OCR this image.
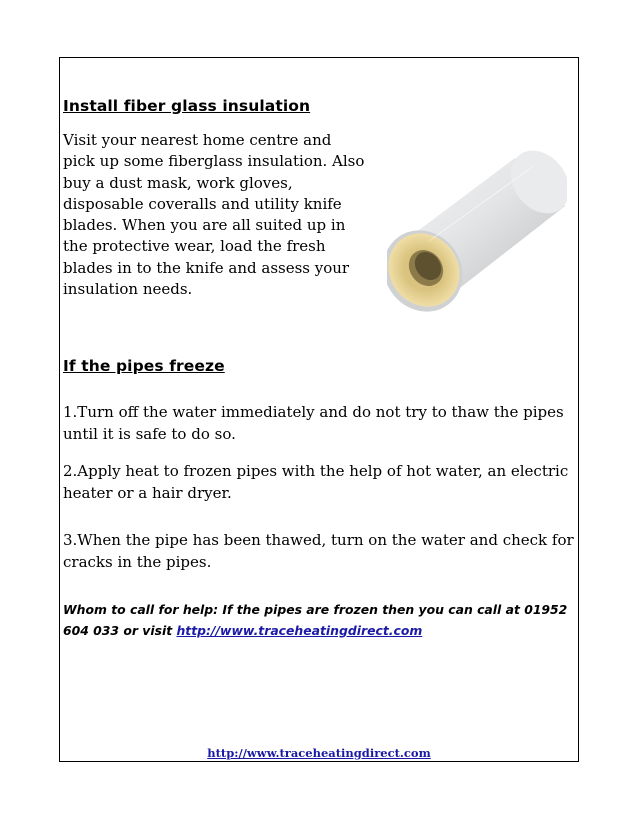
Install fiber glass insulation
Visit your nearest home centre and
pick up some fiberglass insulation. Also
buy a dust mask, work gloves,
disposable coveralls and utility knife
blades. When you are all suited up in
the protective wear, load the fresh
blades in to the knife and assess your
insulation needs.
If the pipes freeze
1.Turn off the water immediately and do not try to thaw the pipes
until it is safe to do so.
2.Apply heat to frozen pipes with the help of hot water, an electric
heater or a hair dryer.
3.When the pipe has been thawed, turn on the water and check for
cracks in the pipes.
Whom to call for help: If the pipes are frozen then you can call at 01952
604 033 or visit http://www.traceheatingdirect.com
http://www.traceheatingdirect.com
